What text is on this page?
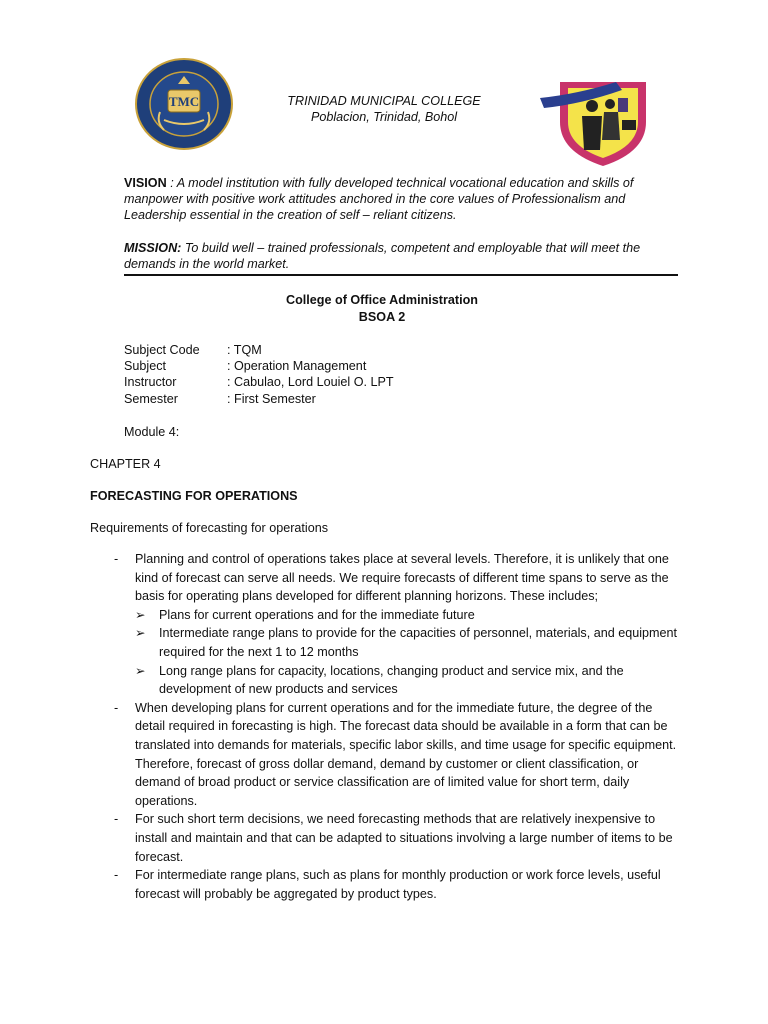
TMC	TRINIDAD MUNICIPAL COLLEGE
Poblacion, Trinidad, Bohol
VISION : A model institution with fully developed technical vocational education and skills of manpower with positive work attitudes anchored in the core values of Professionalism and Leadership essential in the creation of self – reliant citizens.
MISSION: To build well – trained professionals, competent and employable that will meet the demands in the world market.
College of Office Administration
BSOA 2
Subject Code	: TQM
Subject	: Operation Management
Instructor	: Cabulao, Lord Louiel O. LPT
Semester	: First Semester
Module 4:
CHAPTER 4
FORECASTING FOR OPERATIONS
Requirements of forecasting for operations
- Planning and control of operations takes place at several levels. Therefore, it is unlikely that one kind of forecast can serve all needs. We require forecasts of different time spans to serve as the basis for operating plans developed for different planning horizons. These includes;
➢ Plans for current operations and for the immediate future
➢ Intermediate range plans to provide for the capacities of personnel, materials, and equipment required for the next 1 to 12 months
➢ Long range plans for capacity, locations, changing product and service mix, and the development of new products and services
- When developing plans for current operations and for the immediate future, the degree of the detail required in forecasting is high. The forecast data should be available in a form that can be translated into demands for materials, specific labor skills, and time usage for specific equipment. Therefore, forecast of gross dollar demand, demand by customer or client classification, or demand of broad product or service classification are of limited value for short term, daily operations.
- For such short term decisions, we need forecasting methods that are relatively inexpensive to install and maintain and that can be adapted to situations involving a large number of items to be forecast.
- For intermediate range plans, such as plans for monthly production or work force levels, useful forecast will probably be aggregated by product types.
